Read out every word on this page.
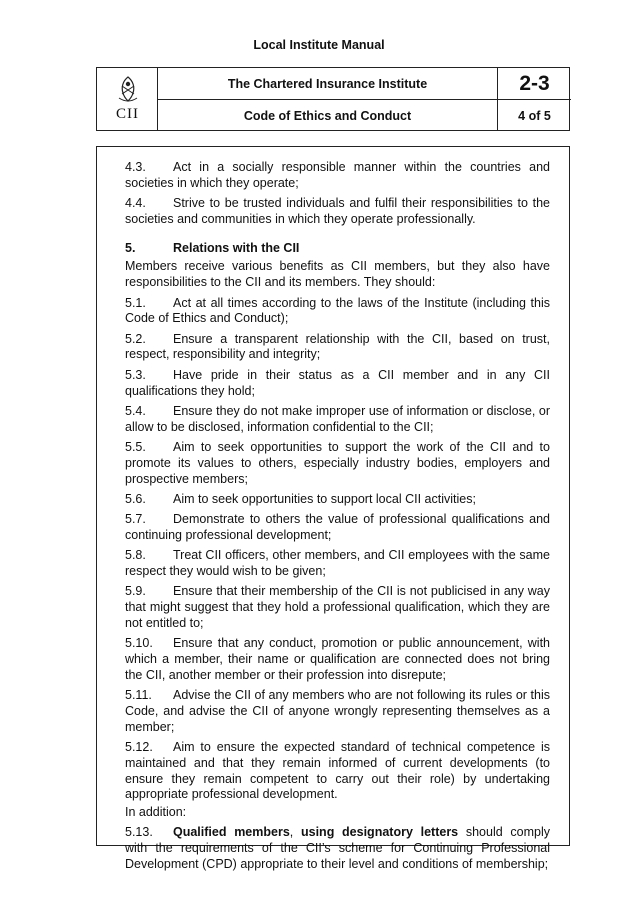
Local Institute Manual
CII
The Chartered Insurance Institute
Code of Ethics and Conduct
2-3
4 of 5

4.3. Act in a socially responsible manner within the countries and societies in which they operate;

4.4. Strive to be trusted individuals and fulfil their responsibilities to the societies and communities in which they operate professionally.

5.	Relations with the CII

Members receive various benefits as CII members, but they also have responsibilities to the CII and its members. They should:

5.1. Act at all times according to the laws of the Institute (including this Code of Ethics and Conduct);

5.2. Ensure a transparent relationship with the CII, based on trust, respect, responsibility and integrity;

5.3. Have pride in their status as a CII member and in any CII qualifications they hold;

5.4. Ensure they do not make improper use of information or disclose, or allow to be disclosed, information confidential to the CII;

5.5. Aim to seek opportunities to support the work of the CII and to promote its values to others, especially industry bodies, employers and prospective members;

5.6. Aim to seek opportunities to support local CII activities;

5.7. Demonstrate to others the value of professional qualifications and continuing professional development;

5.8. Treat CII officers, other members, and CII employees with the same respect they would wish to be given;

5.9. Ensure that their membership of the CII is not publicised in any way that might suggest that they hold a professional qualification, which they are not entitled to;

5.10. Ensure that any conduct, promotion or public announcement, with which a member, their name or qualification are connected does not bring the CII, another member or their profession into disrepute;

5.11. Advise the CII of any members who are not following its rules or this Code, and advise the CII of anyone wrongly representing themselves as a member;

5.12. Aim to ensure the expected standard of technical competence is maintained and that they remain informed of current developments (to ensure they remain competent to carry out their role) by undertaking appropriate professional development.

In addition:

5.13. Qualified members, using designatory letters should comply with the requirements of the CII’s scheme for Continuing Professional Development (CPD) appropriate to their level and conditions of membership;
